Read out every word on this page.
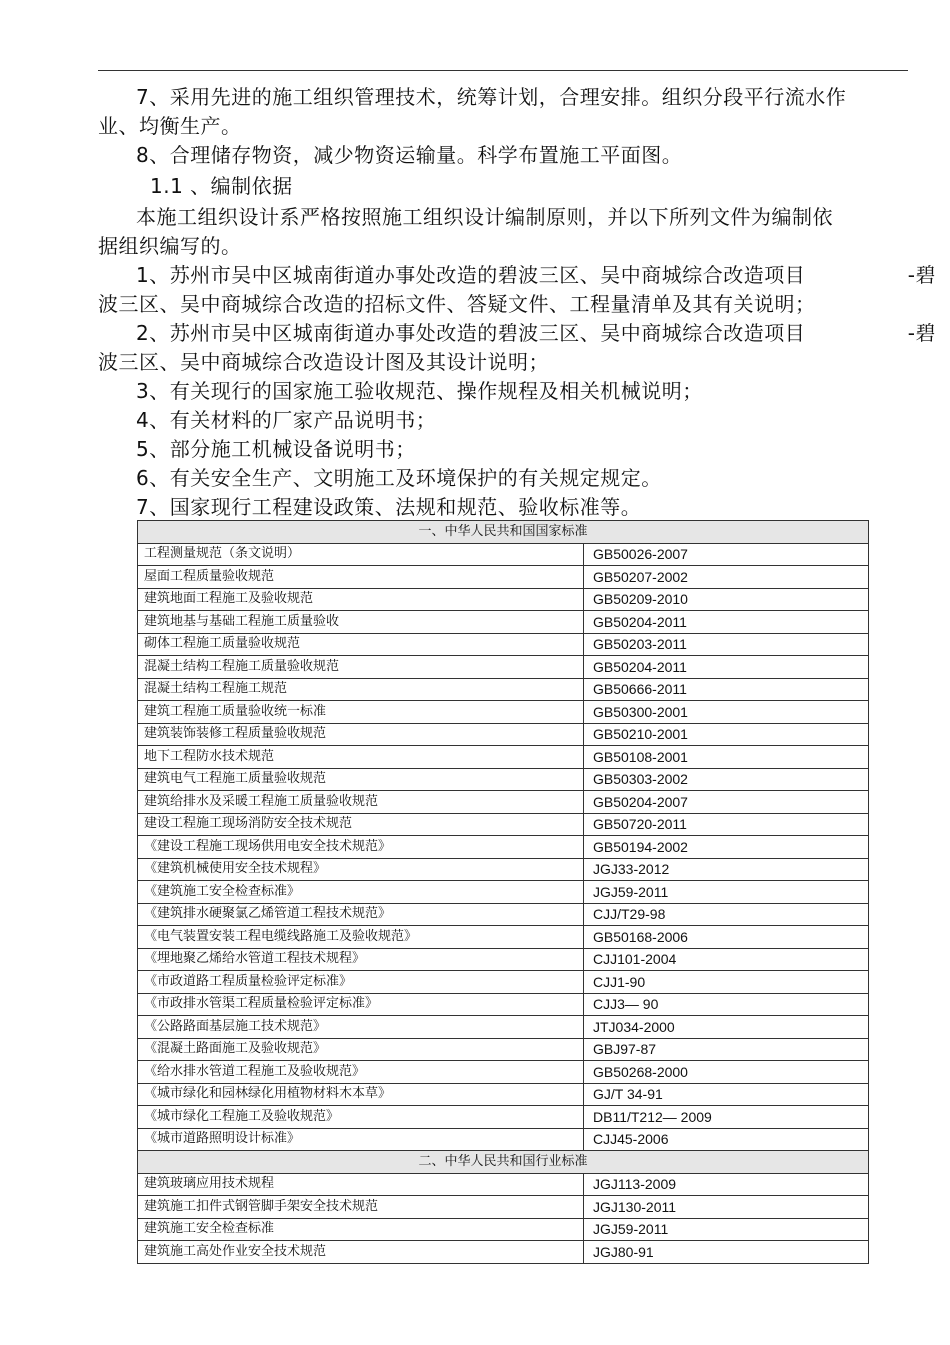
7、采用先进的施工组织管理技术，统筹计划，合理安排。组织分段平行流水作

业、均衡生产。

8、合理储存物资，减少物资运输量。科学布置施工平面图。

1.1 、编制依据

本施工组织设计系严格按照施工组织设计编制原则，并以下所列文件为编制依

据组织编写的。

1、苏州市吴中区城南街道办事处改造的碧波三区、吴中商城综合改造项目	-碧

波三区、吴中商城综合改造的招标文件、答疑文件、工程量清单及其有关说明；

2、苏州市吴中区城南街道办事处改造的碧波三区、吴中商城综合改造项目	-碧

波三区、吴中商城综合改造设计图及其设计说明；

3、有关现行的国家施工验收规范、操作规程及相关机械说明；

4、有关材料的厂家产品说明书；

5、部分施工机械设备说明书；

6、有关安全生产、文明施工及环境保护的有关规定规定。

7、国家现行工程建设政策、法规和规范、验收标准等。

一、中华人民共和国国家标准	
工程测量规范（条文说明）	GB50026-2007
屋面工程质量验收规范	GB50207-2002
建筑地面工程施工及验收规范	GB50209-2010
建筑地基与基础工程施工质量验收	GB50204-2011
砌体工程施工质量验收规范	GB50203-2011
混凝土结构工程施工质量验收规范	GB50204-2011
混凝土结构工程施工规范	GB50666-2011
建筑工程施工质量验收统一标准	GB50300-2001
建筑装饰装修工程质量验收规范	GB50210-2001
地下工程防水技术规范	GB50108-2001
建筑电气工程施工质量验收规范	GB50303-2002
建筑给排水及采暖工程施工质量验收规范	GB50204-2007
建设工程施工现场消防安全技术规范	GB50720-2011
《建设工程施工现场供用电安全技术规范》	GB50194-2002
《建筑机械使用安全技术规程》	JGJ33-2012
《建筑施工安全检查标准》	JGJ59-2011
《建筑排水硬聚氯乙烯管道工程技术规范》	CJJ/T29-98
《电气装置安装工程电缆线路施工及验收规范》	GB50168-2006
《埋地聚乙烯给水管道工程技术规程》	CJJ101-2004
《市政道路工程质量检验评定标准》	CJJ1-90
《市政排水管渠工程质量检验评定标准》	CJJ3— 90
《公路路面基层施工技术规范》	JTJ034-2000
《混凝土路面施工及验收规范》	GBJ97-87
《给水排水管道工程施工及验收规范》	GB50268-2000
《城市绿化和园林绿化用植物材料木本草》	GJ/T 34-91
《城市绿化工程施工及验收规范》	DB11/T212— 2009
《城市道路照明设计标准》	CJJ45-2006
二、中华人民共和国行业标准	
建筑玻璃应用技术规程	JGJ113-2009
建筑施工扣件式钢管脚手架安全技术规范	JGJ130-2011
建筑施工安全检查标准	JGJ59-2011
建筑施工高处作业安全技术规范	JGJ80-91
